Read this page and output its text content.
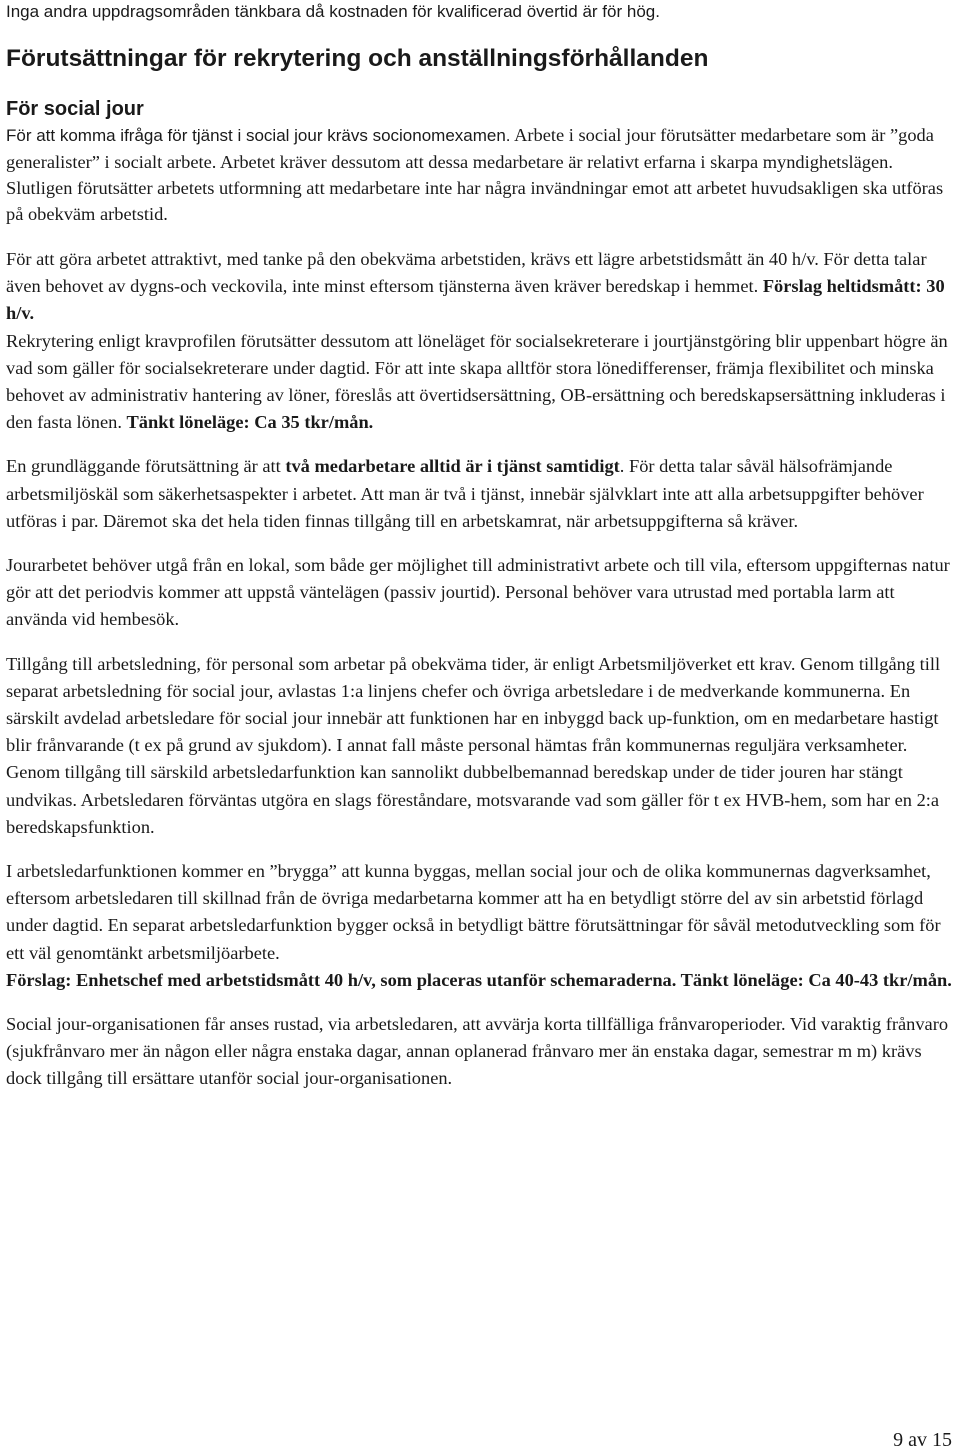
Inga andra uppdragsområden tänkbara då kostnaden för kvalificerad övertid är för hög.

Förutsättningar för rekrytering och anställningsförhållanden
För social jour

För att komma ifråga för tjänst i social jour krävs socionomexamen. Arbete i social jour förutsätter medarbetare som är ”goda generalister” i socialt arbete. Arbetet kräver dessutom att dessa medarbetare är relativt erfarna i skarpa myndighetslägen. Slutligen förutsätter arbetets utformning att medarbetare inte har några invändningar emot att arbetet huvudsakligen ska utföras på obekväm arbetstid.

För att göra arbetet attraktivt, med tanke på den obekväma arbetstiden, krävs ett lägre arbetstidsmått än 40 h/v. För detta talar även behovet av dygns-och veckovila, inte minst eftersom tjänsterna även kräver beredskap i hemmet. Förslag heltidsmått: 30 h/v.

Rekrytering enligt kravprofilen förutsätter dessutom att löneläget för socialsekreterare i jourtjänstgöring blir uppenbart högre än vad som gäller för socialsekreterare under dagtid. För att inte skapa alltför stora lönedifferenser, främja flexibilitet och minska behovet av administrativ hantering av löner, föreslås att övertidsersättning, OB-ersättning och beredskapsersättning inkluderas i den fasta lönen. Tänkt löneläge: Ca 35 tkr/mån.

En grundläggande förutsättning är att två medarbetare alltid är i tjänst samtidigt. För detta talar såväl hälsofrämjande arbetsmiljöskäl som säkerhetsaspekter i arbetet. Att man är två i tjänst, innebär självklart inte att alla arbetsuppgifter behöver utföras i par. Däremot ska det hela tiden finnas tillgång till en arbetskamrat, när arbetsuppgifterna så kräver.

Jourarbetet behöver utgå från en lokal, som både ger möjlighet till administrativt arbete och till vila, eftersom uppgifternas natur gör att det periodvis kommer att uppstå väntelägen (passiv jourtid). Personal behöver vara utrustad med portabla larm att använda vid hembesök.

Tillgång till arbetsledning, för personal som arbetar på obekväma tider, är enligt Arbetsmiljöverket ett krav. Genom tillgång till separat arbetsledning för social jour, avlastas 1:a linjens chefer och övriga arbetsledare i de medverkande kommunerna. En särskilt avdelad arbetsledare för social jour innebär att funktionen har en inbyggd back up-funktion, om en medarbetare hastigt blir frånvarande (t ex på grund av sjukdom). I annat fall måste personal hämtas från kommunernas reguljära verksamheter. Genom tillgång till särskild arbetsledarfunktion kan sannolikt dubbelbemannad beredskap under de tider jouren har stängt undvikas. Arbetsledaren förväntas utgöra en slags föreståndare, motsvarande vad som gäller för t ex HVB-hem, som har en 2:a beredskapsfunktion.

I arbetsledarfunktionen kommer en ”brygga” att kunna byggas, mellan social jour och de olika kommunernas dagverksamhet, eftersom arbetsledaren till skillnad från de övriga medarbetarna kommer att ha en betydligt större del av sin arbetstid förlagd under dagtid. En separat arbetsledarfunktion bygger också in betydligt bättre förutsättningar för såväl metodutveckling som för ett väl genomtänkt arbetsmiljöarbete.
Förslag: Enhetschef med arbetstidsmått 40 h/v, som placeras utanför schemaraderna. Tänkt löneläge: Ca 40-43 tkr/mån.

Social jour-organisationen får anses rustad, via arbetsledaren, att avvärja korta tillfälliga frånvaroperioder. Vid varaktig frånvaro (sjukfrånvaro mer än någon eller några enstaka dagar, annan oplanerad frånvaro mer än enstaka dagar, semestrar m m) krävs dock tillgång till ersättare utanför social jour-organisationen.

9 av 15
